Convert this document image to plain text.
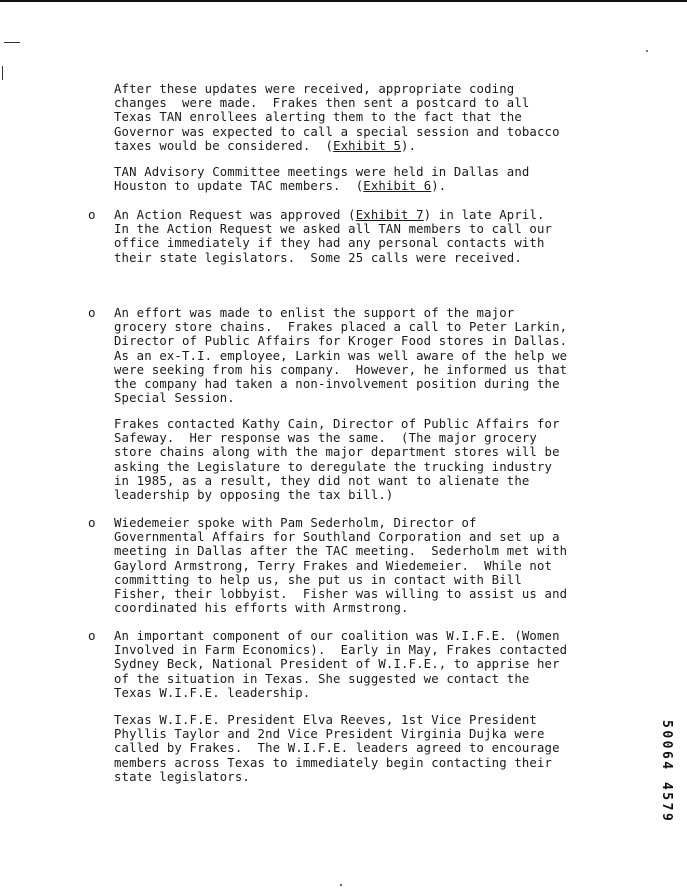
After these updates were received, appropriate coding
changes  were made.  Frakes then sent a postcard to all
Texas TAN enrollees alerting them to the fact that the
Governor was expected to call a special session and tobacco
taxes would be considered.  (Exhibit 5).
TAN Advisory Committee meetings were held in Dallas and
Houston to update TAC members.  (Exhibit 6).
o An Action Request was approved (Exhibit 7) in late April.
In the Action Request we asked all TAN members to call our
office immediately if they had any personal contacts with
their state legislators.  Some 25 calls were received.
o An effort was made to enlist the support of the major
grocery store chains.  Frakes placed a call to Peter Larkin,
Director of Public Affairs for Kroger Food stores in Dallas.
As an ex-T.I. employee, Larkin was well aware of the help we
were seeking from his company.  However, he informed us that
the company had taken a non-involvement position during the
Special Session.
Frakes contacted Kathy Cain, Director of Public Affairs for
Safeway.  Her response was the same.  (The major grocery
store chains along with the major department stores will be
asking the Legislature to deregulate the trucking industry
in 1985, as a result, they did not want to alienate the
leadership by opposing the tax bill.)
o Wiedemeier spoke with Pam Sederholm, Director of
Governmental Affairs for Southland Corporation and set up a
meeting in Dallas after the TAC meeting.  Sederholm met with
Gaylord Armstrong, Terry Frakes and Wiedemeier.  While not
committing to help us, she put us in contact with Bill
Fisher, their lobbyist.  Fisher was willing to assist us and
coordinated his efforts with Armstrong.
o An important component of our coalition was W.I.F.E. (Women
Involved in Farm Economics).  Early in May, Frakes contacted
Sydney Beck, National President of W.I.F.E., to apprise her
of the situation in Texas. She suggested we contact the
Texas W.I.F.E. leadership.
Texas W.I.F.E. President Elva Reeves, 1st Vice President
Phyllis Taylor and 2nd Vice President Virginia Dujka were
called by Frakes.  The W.I.F.E. leaders agreed to encourage
members across Texas to immediately begin contacting their
state legislators.	50064 4579
